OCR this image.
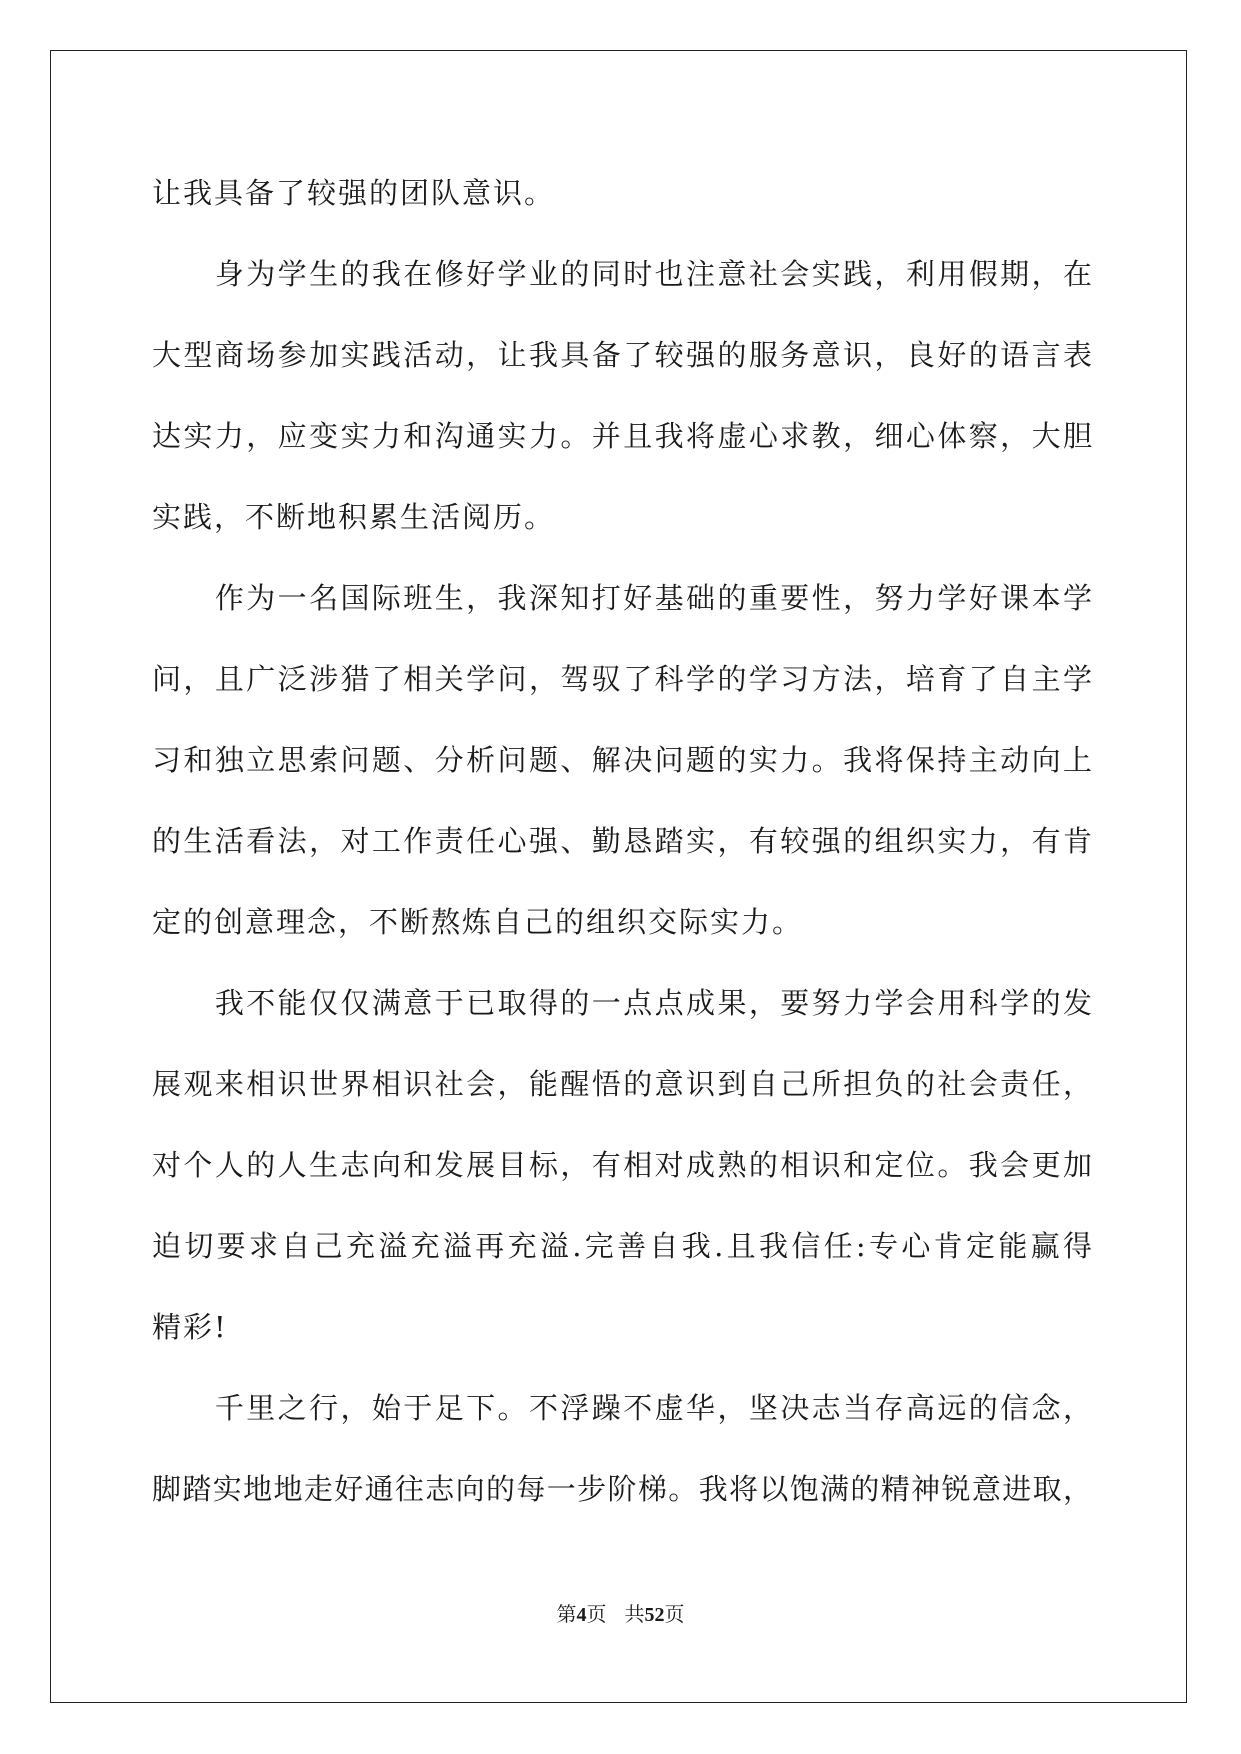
让我具备了较强的团队意识。
　　身为学生的我在修好学业的同时也注意社会实践，利用假期，在
大型商场参加实践活动，让我具备了较强的服务意识，良好的语言表
达实力，应变实力和沟通实力。并且我将虚心求教，细心体察，大胆
实践，不断地积累生活阅历。
　　作为一名国际班生，我深知打好基础的重要性，努力学好课本学
问，且广泛涉猎了相关学问，驾驭了科学的学习方法，培育了自主学
习和独立思索问题、分析问题、解决问题的实力。我将保持主动向上
的生活看法，对工作责任心强、勤恳踏实，有较强的组织实力，有肯
定的创意理念，不断熬炼自己的组织交际实力。
　　我不能仅仅满意于已取得的一点点成果，要努力学会用科学的发
展观来相识世界相识社会，能醒悟的意识到自己所担负的社会责任，
对个人的人生志向和发展目标，有相对成熟的相识和定位。我会更加
迫切要求自己充溢充溢再充溢.完善自我.且我信任:专心肯定能赢得
精彩!
　　千里之行，始于足下。不浮躁不虚华，坚决志当存高远的信念，
脚踏实地地走好通往志向的每一步阶梯。我将以饱满的精神锐意进取，
第4页 共52页
